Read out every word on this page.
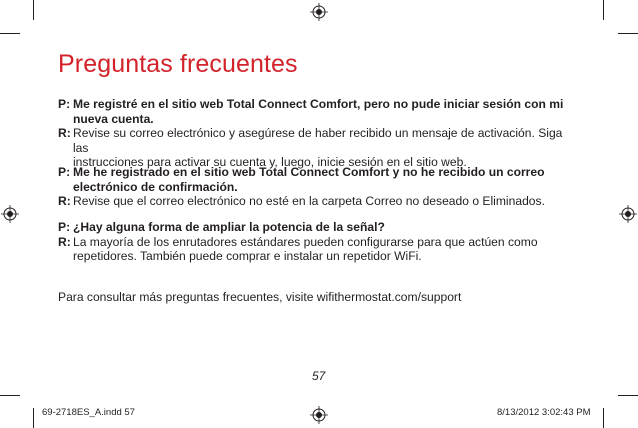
Preguntas frecuentes
P: Me registré en el sitio web Total Connect Comfort, pero no pude iniciar sesión con mi
nueva cuenta.
R: Revise su correo electrónico y asegúrese de haber recibido un mensaje de activación. Siga las
instrucciones para activar su cuenta y, luego, inicie sesión en el sitio web.
P: Me he registrado en el sitio web Total Connect Comfort y no he recibido un correo
electrónico de confirmación.
R: Revise que el correo electrónico no esté en la carpeta Correo no deseado o Eliminados.
P: ¿Hay alguna forma de ampliar la potencia de la señal?
R: La mayoría de los enrutadores estándares pueden configurarse para que actúen como
repetidores. También puede comprar e instalar un repetidor WiFi.
Para consultar más preguntas frecuentes, visite wifithermostat.com/support
57
69-2718ES_A.indd 57	8/13/2012 3:02:43 PM
